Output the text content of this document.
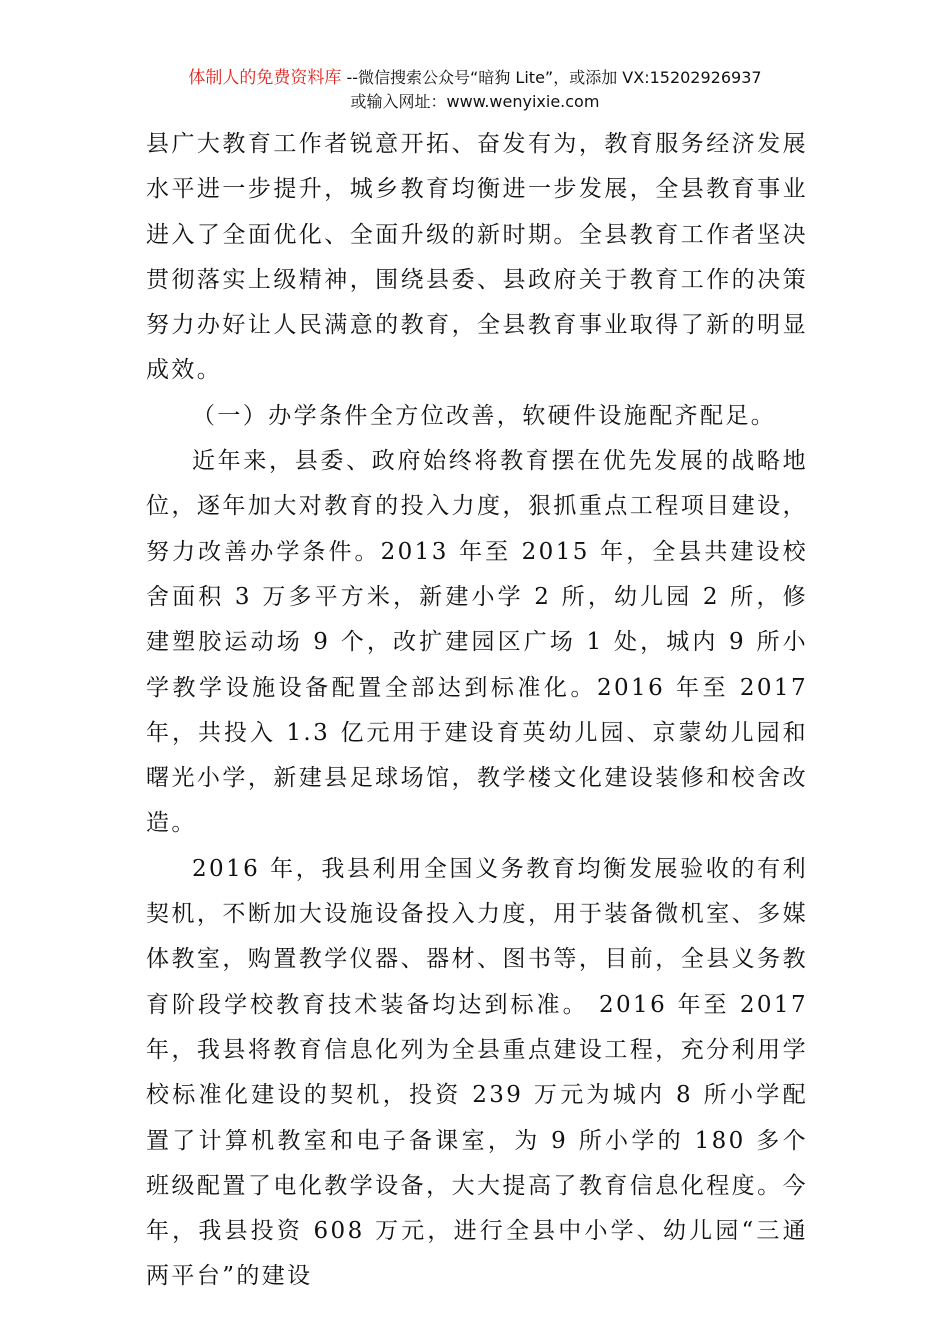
体制人的免费资料库 --微信搜索公众号“暗狗 Lite”，或添加 VX:15202926937
或输入网址：www.wenyixie.com

县广大教育工作者锐意开拓、奋发有为，教育服务经济发展水平进一步提升，城乡教育均衡进一步发展，全县教育事业进入了全面优化、全面升级的新时期。全县教育工作者坚决贯彻落实上级精神，围绕县委、县政府关于教育工作的决策努力办好让人民满意的教育，全县教育事业取得了新的明显成效。

（一）办学条件全方位改善，软硬件设施配齐配足。

近年来，县委、政府始终将教育摆在优先发展的战略地位，逐年加大对教育的投入力度，狠抓重点工程项目建设，努力改善办学条件。2013 年至 2015 年，全县共建设校舍面积 3 万多平方米，新建小学 2 所，幼儿园 2 所，修建塑胶运动场 9 个，改扩建园区广场 1 处，城内 9 所小学教学设施设备配置全部达到标准化。2016 年至 2017 年，共投入 1.3 亿元用于建设育英幼儿园、京蒙幼儿园和曙光小学，新建县足球场馆，教学楼文化建设装修和校舍改造。

2016 年，我县利用全国义务教育均衡发展验收的有利契机，不断加大设施设备投入力度，用于装备微机室、多媒体教室，购置教学仪器、器材、图书等，目前，全县义务教育阶段学校教育技术装备均达到标准。 2016 年至 2017 年，我县将教育信息化列为全县重点建设工程，充分利用学校标准化建设的契机，投资 239 万元为城内 8 所小学配置了计算机教室和电子备课室，为 9 所小学的 180 多个班级配置了电化教学设备，大大提高了教育信息化程度。今年，我县投资 608 万元，进行全县中小学、幼儿园“三通两平台”的建设
